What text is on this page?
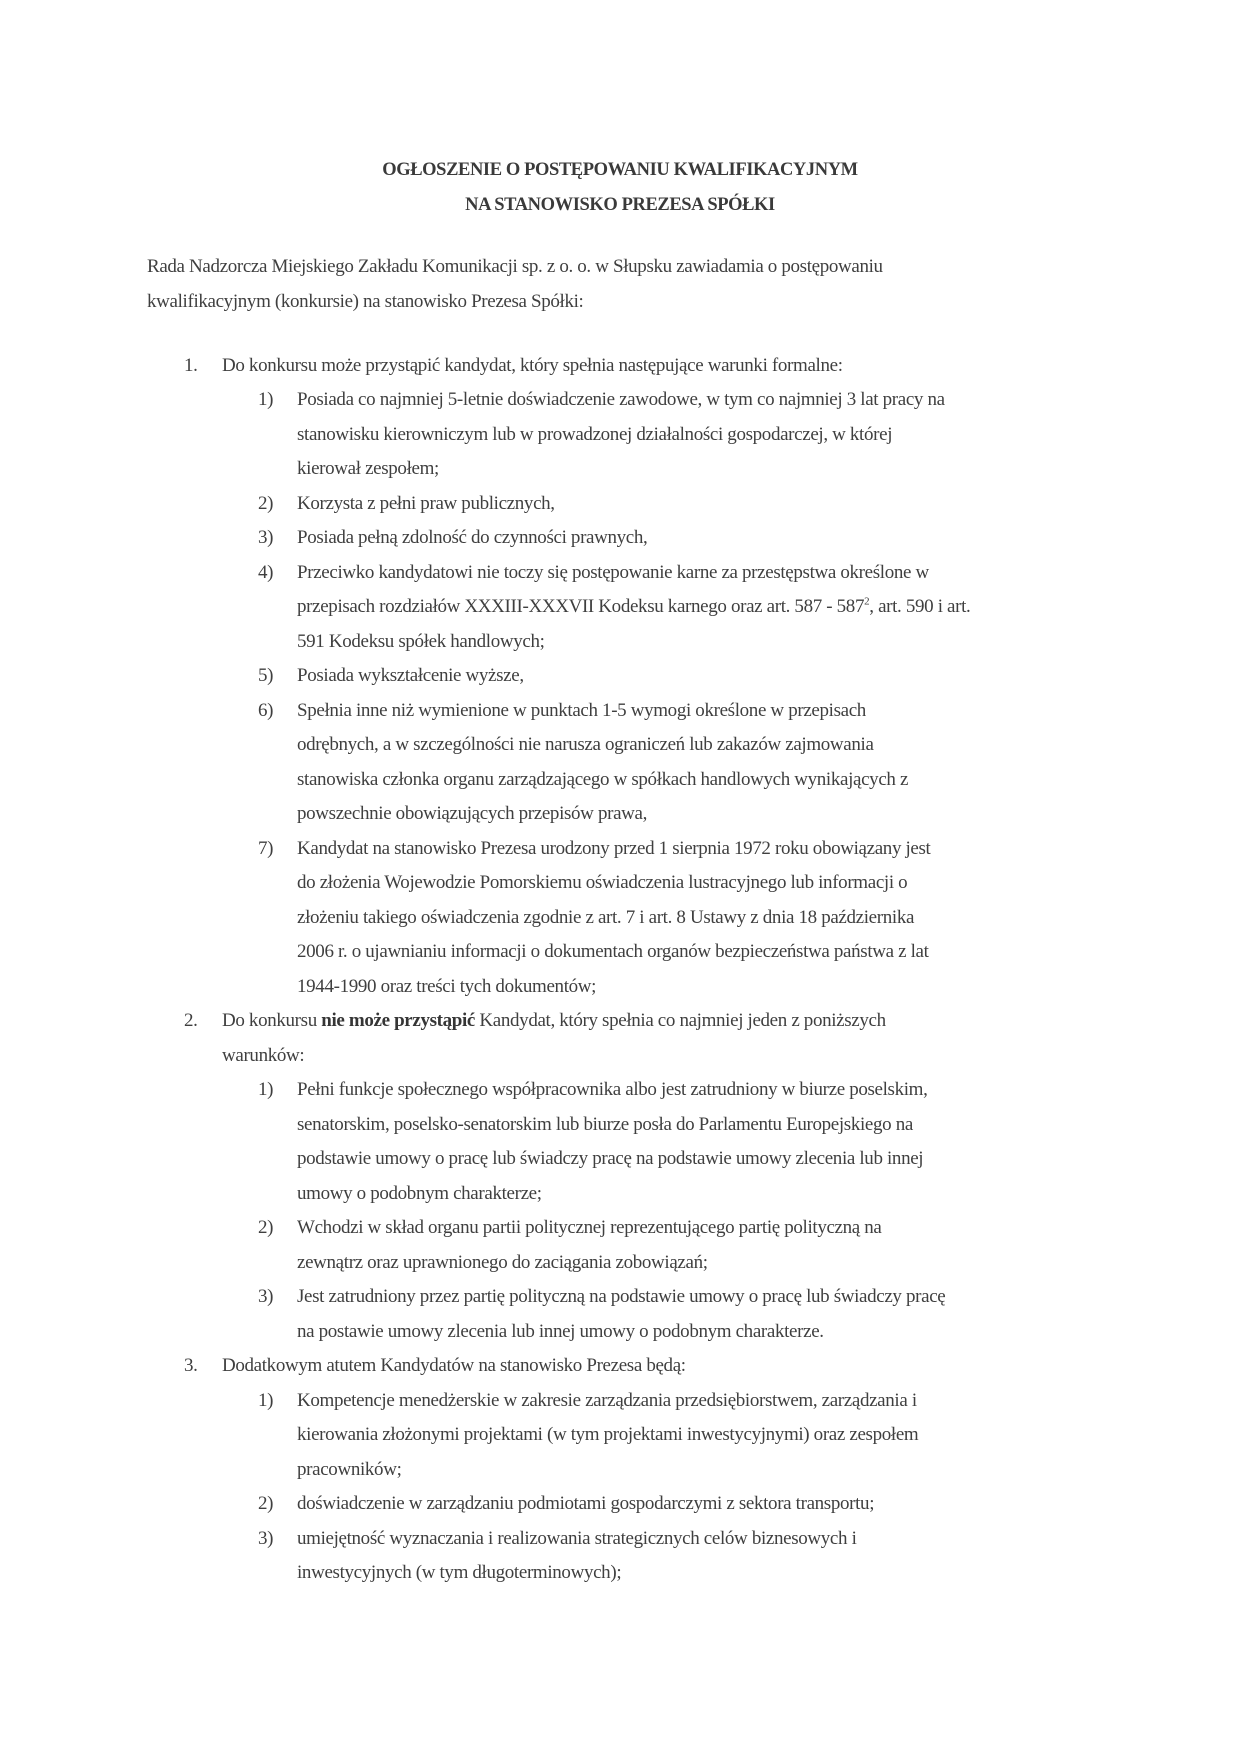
OGŁOSZENIE O POSTĘPOWANIU KWALIFIKACYJNYM
NA STANOWISKO PREZESA SPÓŁKI
Rada Nadzorcza Miejskiego Zakładu Komunikacji sp. z o. o. w Słupsku zawiadamia o postępowaniu
kwalifikacyjnym (konkursie) na stanowisko Prezesa Spółki:
1. Do konkursu może przystąpić kandydat, który spełnia następujące warunki formalne:
1) Posiada co najmniej 5-letnie doświadczenie zawodowe, w tym co najmniej 3 lat pracy na
stanowisku kierowniczym lub w prowadzonej działalności gospodarczej, w której
kierował zespołem;
2) Korzysta z pełni praw publicznych,
3) Posiada pełną zdolność do czynności prawnych,
4) Przeciwko kandydatowi nie toczy się postępowanie karne za przestępstwa określone w
przepisach rozdziałów XXXIII-XXXVII Kodeksu karnego oraz art. $587 - 587^2$, art. 590 i art.
591 Kodeksu spółek handlowych;
5) Posiada wykształcenie wyższe,
6) Spełnia inne niż wymienione w punktach 1-5 wymogi określone w przepisach
odrębnych, a w szczególności nie narusza ograniczeń lub zakazów zajmowania
stanowiska członka organu zarządzającego w spółkach handlowych wynikających z
powszechnie obowiązujących przepisów prawa,
7) Kandydat na stanowisko Prezesa urodzony przed 1 sierpnia 1972 roku obowiązany jest
do złożenia Wojewodzie Pomorskiemu oświadczenia lustracyjnego lub informacji o
złożeniu takiego oświadczenia zgodnie z art. 7 i art. 8 Ustawy z dnia 18 października
2006 r. o ujawnianiu informacji o dokumentach organów bezpieczeństwa państwa z lat
1944-1990 oraz treści tych dokumentów;
2. Do konkursu nie może przystąpić Kandydat, który spełnia co najmniej jeden z poniższych
warunków:
1) Pełni funkcje społecznego współpracownika albo jest zatrudniony w biurze poselskim,
senatorskim, poselsko-senatorskim lub biurze posła do Parlamentu Europejskiego na
podstawie umowy o pracę lub świadczy pracę na podstawie umowy zlecenia lub innej
umowy o podobnym charakterze;
2) Wchodzi w skład organu partii politycznej reprezentującego partię polityczną na
zewnątrz oraz uprawnionego do zaciągania zobowiązań;
3) Jest zatrudniony przez partię polityczną na podstawie umowy o pracę lub świadczy pracę
na postawie umowy zlecenia lub innej umowy o podobnym charakterze.
3. Dodatkowym atutem Kandydatów na stanowisko Prezesa będą:
1) Kompetencje menedżerskie w zakresie zarządzania przedsiębiorstwem, zarządzania i
kierowania złożonymi projektami (w tym projektami inwestycyjnymi) oraz zespołem
pracowników;
2) doświadczenie w zarządzaniu podmiotami gospodarczymi z sektora transportu;
3) umiejętność wyznaczania i realizowania strategicznych celów biznesowych i
inwestycyjnych (w tym długoterminowych);
